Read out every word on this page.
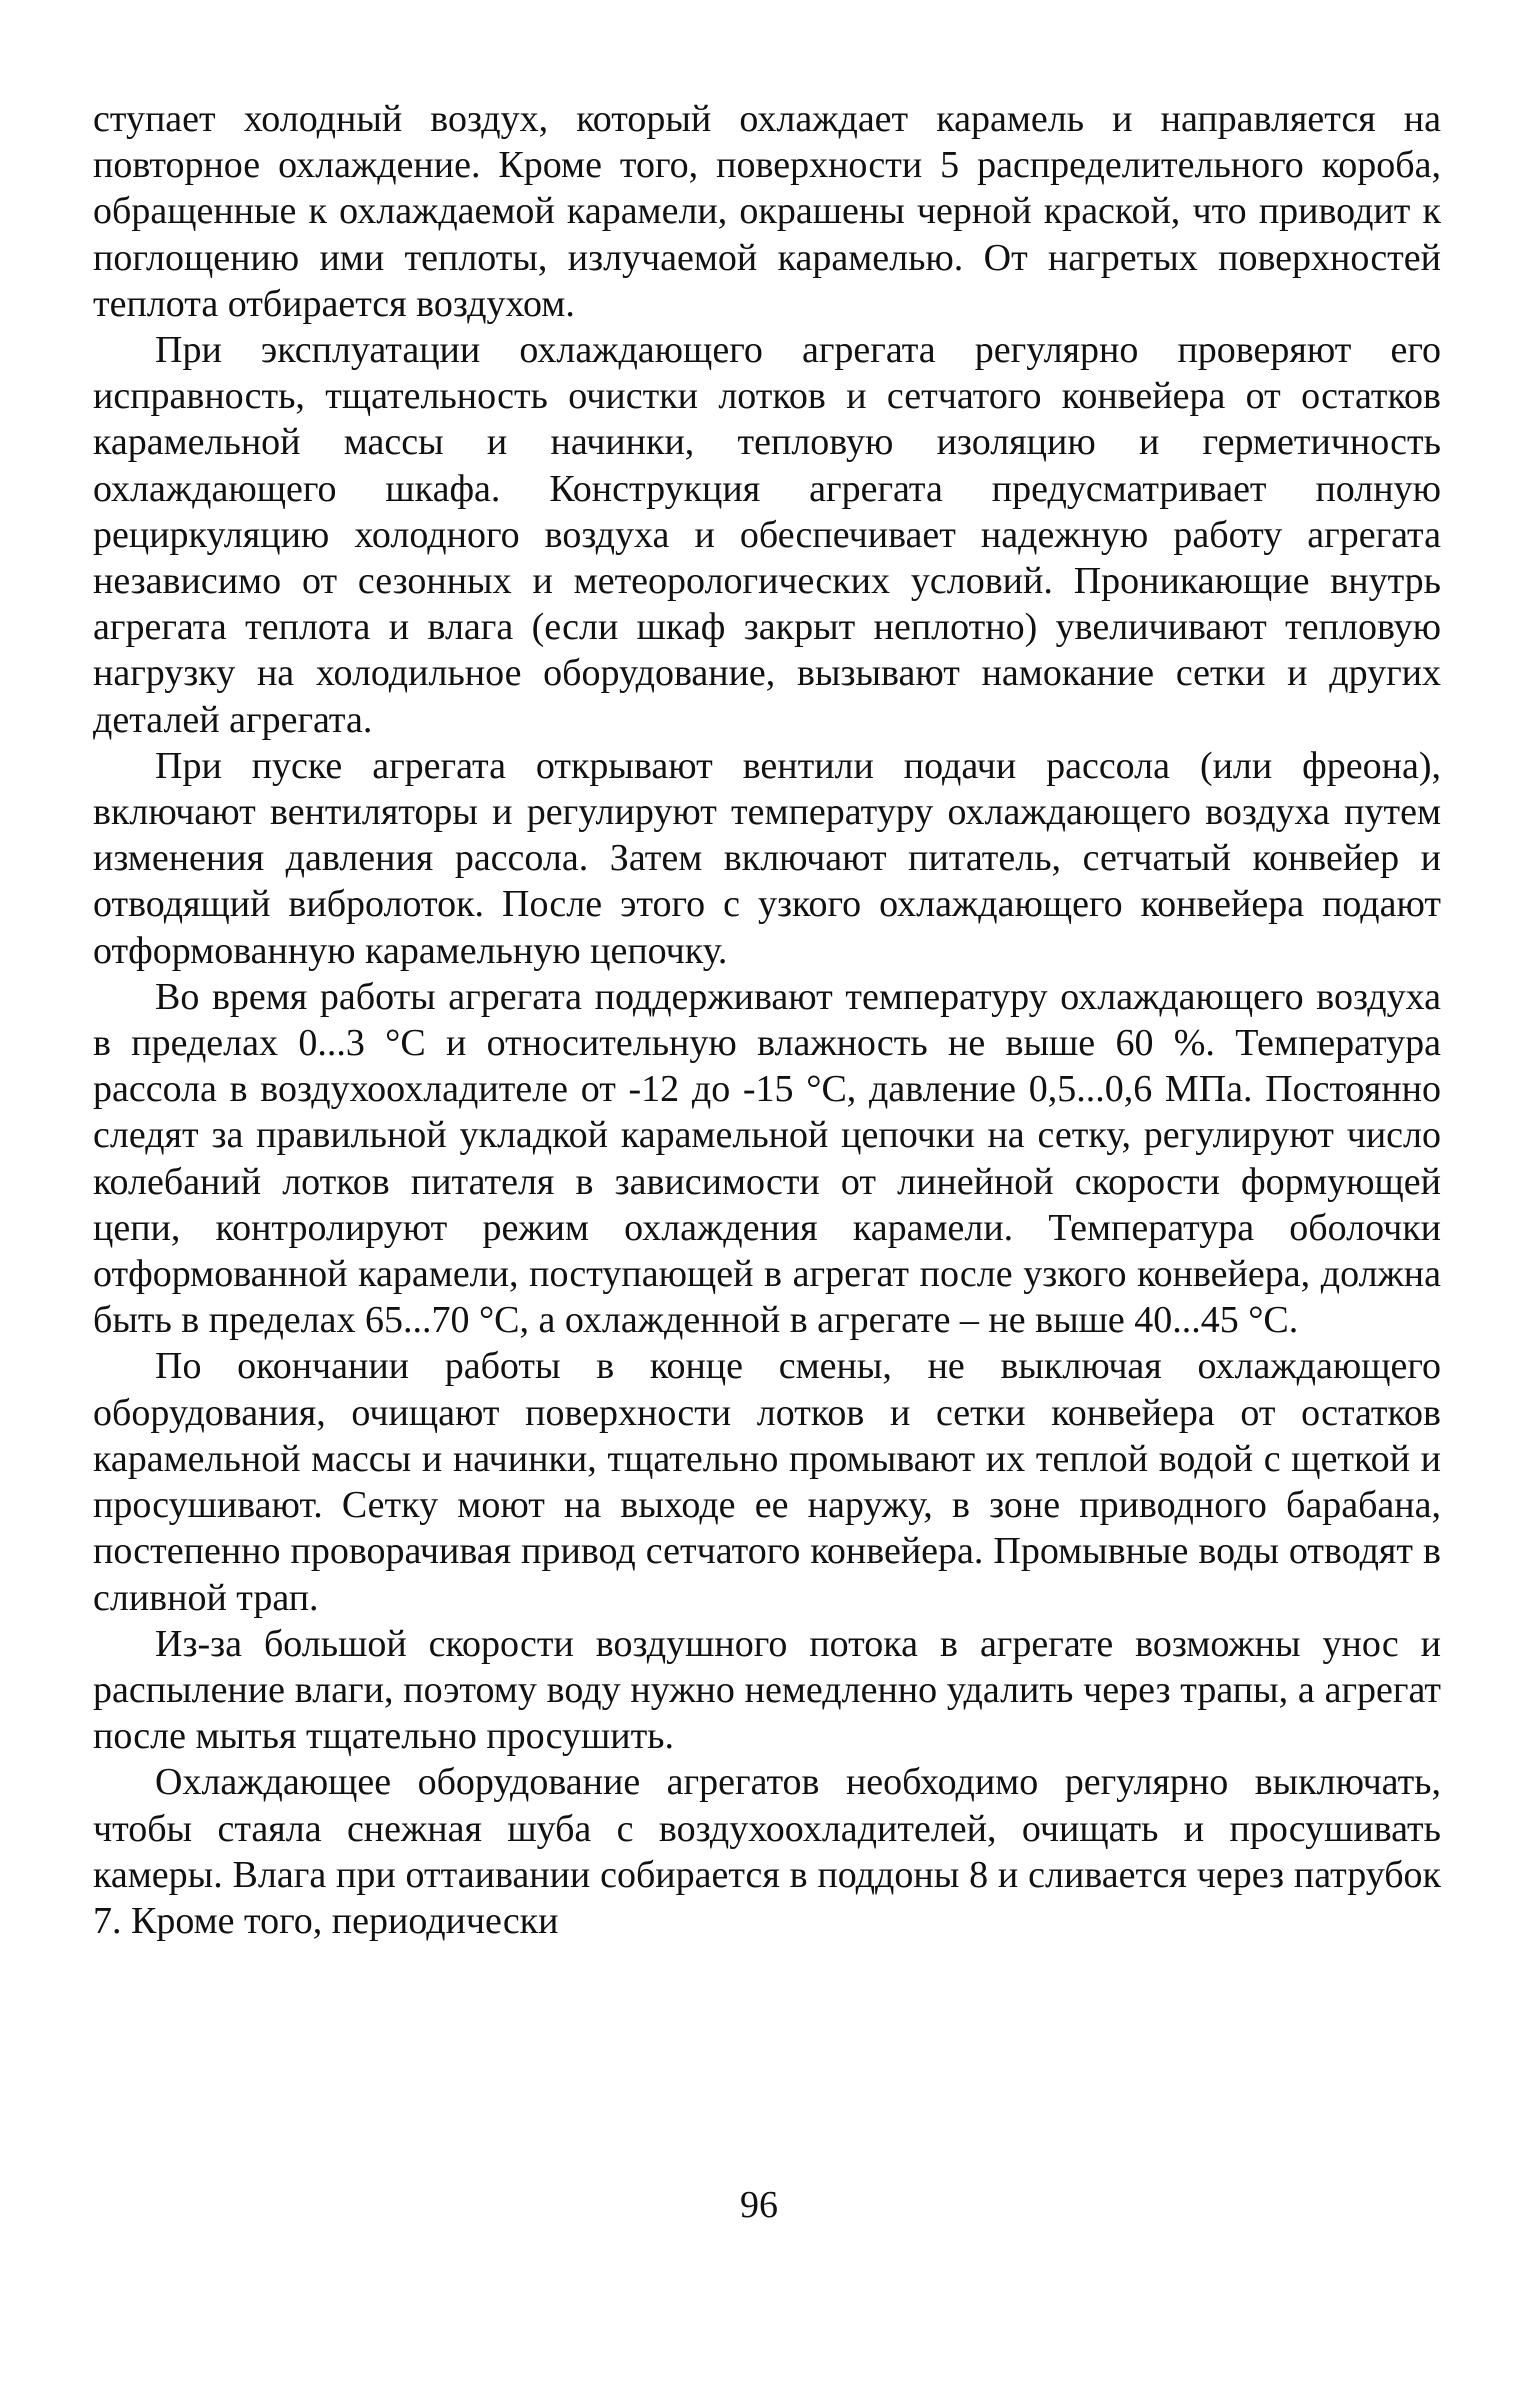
ступает холодный воздух, который охлаждает карамель и направляется на повторное охлаждение. Кроме того, поверхности 5 распределительного короба, обращенные к охлаждаемой карамели, окрашены черной краской, что приводит к поглощению ими теплоты, излучаемой карамелью. От нагретых поверхностей теплота отбирается воздухом.

При эксплуатации охлаждающего агрегата регулярно проверяют его исправность, тщательность очистки лотков и сетчатого конвейера от остатков карамельной массы и начинки, тепловую изоляцию и герметичность охлаждающего шкафа. Конструкция агрегата предусматривает полную рециркуляцию холодного воздуха и обеспечивает надежную работу агрегата независимо от сезонных и метеорологических условий. Проникающие внутрь агрегата теплота и влага (если шкаф закрыт неплотно) увеличивают тепловую нагрузку на холодильное оборудование, вызывают намокание сетки и других деталей агрегата.

При пуске агрегата открывают вентили подачи рассола (или фреона), включают вентиляторы и регулируют температуру охлаждающего воздуха путем изменения давления рассола. Затем включают питатель, сетчатый конвейер и отводящий вибролоток. После этого с узкого охлаждающего конвейера подают отформованную карамельную цепочку.

Во время работы агрегата поддерживают температуру охлаждающего воздуха в пределах 0...3 °С и относительную влажность не выше 60 %. Температура рассола в воздухоохладителе от -12 до -15 °С, давление 0,5...0,6 МПа. Постоянно следят за правильной укладкой карамельной цепочки на сетку, регулируют число колебаний лотков питателя в зависимости от линейной скорости формующей цепи, контролируют режим охлаждения карамели. Температура оболочки отформованной карамели, поступающей в агрегат после узкого конвейера, должна быть в пределах 65...70 °С, а охлажденной в агрегате – не выше 40...45 °С.

По окончании работы в конце смены, не выключая охлаждающего оборудования, очищают поверхности лотков и сетки конвейера от остатков карамельной массы и начинки, тщательно промывают их теплой водой с щеткой и просушивают. Сетку моют на выходе ее наружу, в зоне приводного барабана, постепенно проворачивая привод сетчатого конвейера. Промывные воды отводят в сливной трап.

Из-за большой скорости воздушного потока в агрегате возможны унос и распыление влаги, поэтому воду нужно немедленно удалить через трапы, а агрегат после мытья тщательно просушить.

Охлаждающее оборудование агрегатов необходимо регулярно выключать, чтобы стаяла снежная шуба с воздухоохладителей, очищать и просушивать камеры. Влага при оттаивании собирается в поддоны 8 и сливается через патрубок 7. Кроме того, периодически

96
